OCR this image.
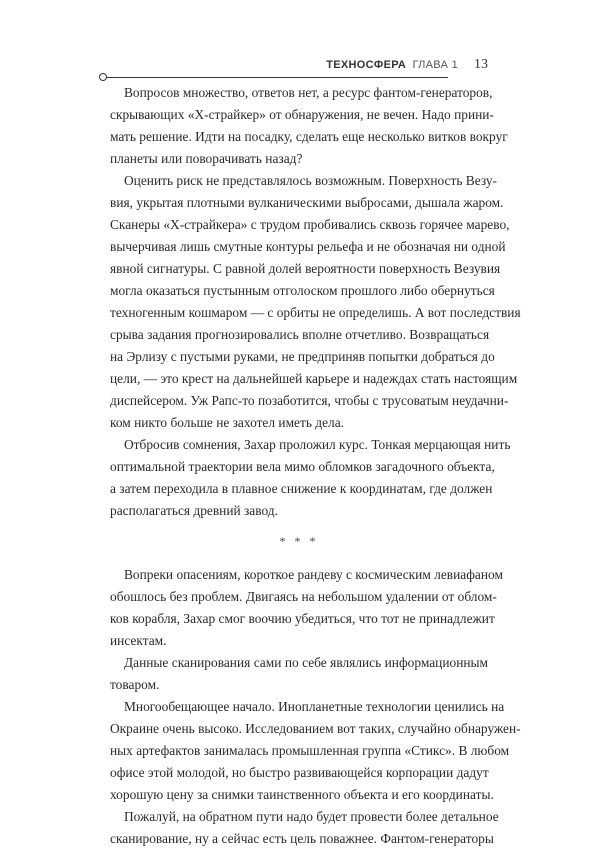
ТЕХНОСФЕРА ГЛАВА 1 13

Вопросов множество, ответов нет, а ресурс фантом-генераторов,
скрывающих «Х-страйкер» от обнаружения, не вечен. Надо прини-
мать решение. Идти на посадку, сделать еще несколько витков вокруг
планеты или поворачивать назад?

Оценить риск не представлялось возможным. Поверхность Везу-
вия, укрытая плотными вулканическими выбросами, дышала жаром.
Сканеры «Х-страйкера» с трудом пробивались сквозь горячее марево,
вычерчивая лишь смутные контуры рельефа и не обозначая ни одной
явной сигнатуры. С равной долей вероятности поверхность Везувия
могла оказаться пустынным отголоском прошлого либо обернуться
техногенным кошмаром — с орбиты не определишь. А вот последствия
срыва задания прогнозировались вполне отчетливо. Возвращаться
на Эрлизу с пустыми руками, не предприняв попытки добраться до
цели, — это крест на дальнейшей карьере и надеждах стать настоящим
диспейсером. Уж Рапс-то позаботится, чтобы с трусоватым неудачни-
ком никто больше не захотел иметь дела.

Отбросив сомнения, Захар проложил курс. Тонкая мерцающая нить
оптимальной траектории вела мимо обломков загадочного объекта,
а затем переходила в плавное снижение к координатам, где должен
располагаться древний завод.

* * *

Вопреки опасениям, короткое рандеву с космическим левиафаном
обошлось без проблем. Двигаясь на небольшом удалении от облом-
ков корабля, Захар смог воочию убедиться, что тот не принадлежит
инсектам.

Данные сканирования сами по себе являлись информационным
товаром.

Многообещающее начало. Инопланетные технологии ценились на
Окраине очень высоко. Исследованием вот таких, случайно обнаружен-
ных артефактов занималась промышленная группа «Стикс». В любом
офисе этой молодой, но быстро развивающейся корпорации дадут
хорошую цену за снимки таинственного объекта и его координаты.

Пожалуй, на обратном пути надо будет провести более детальное
сканирование, ну а сейчас есть цель поважнее. Фантом-генераторы
